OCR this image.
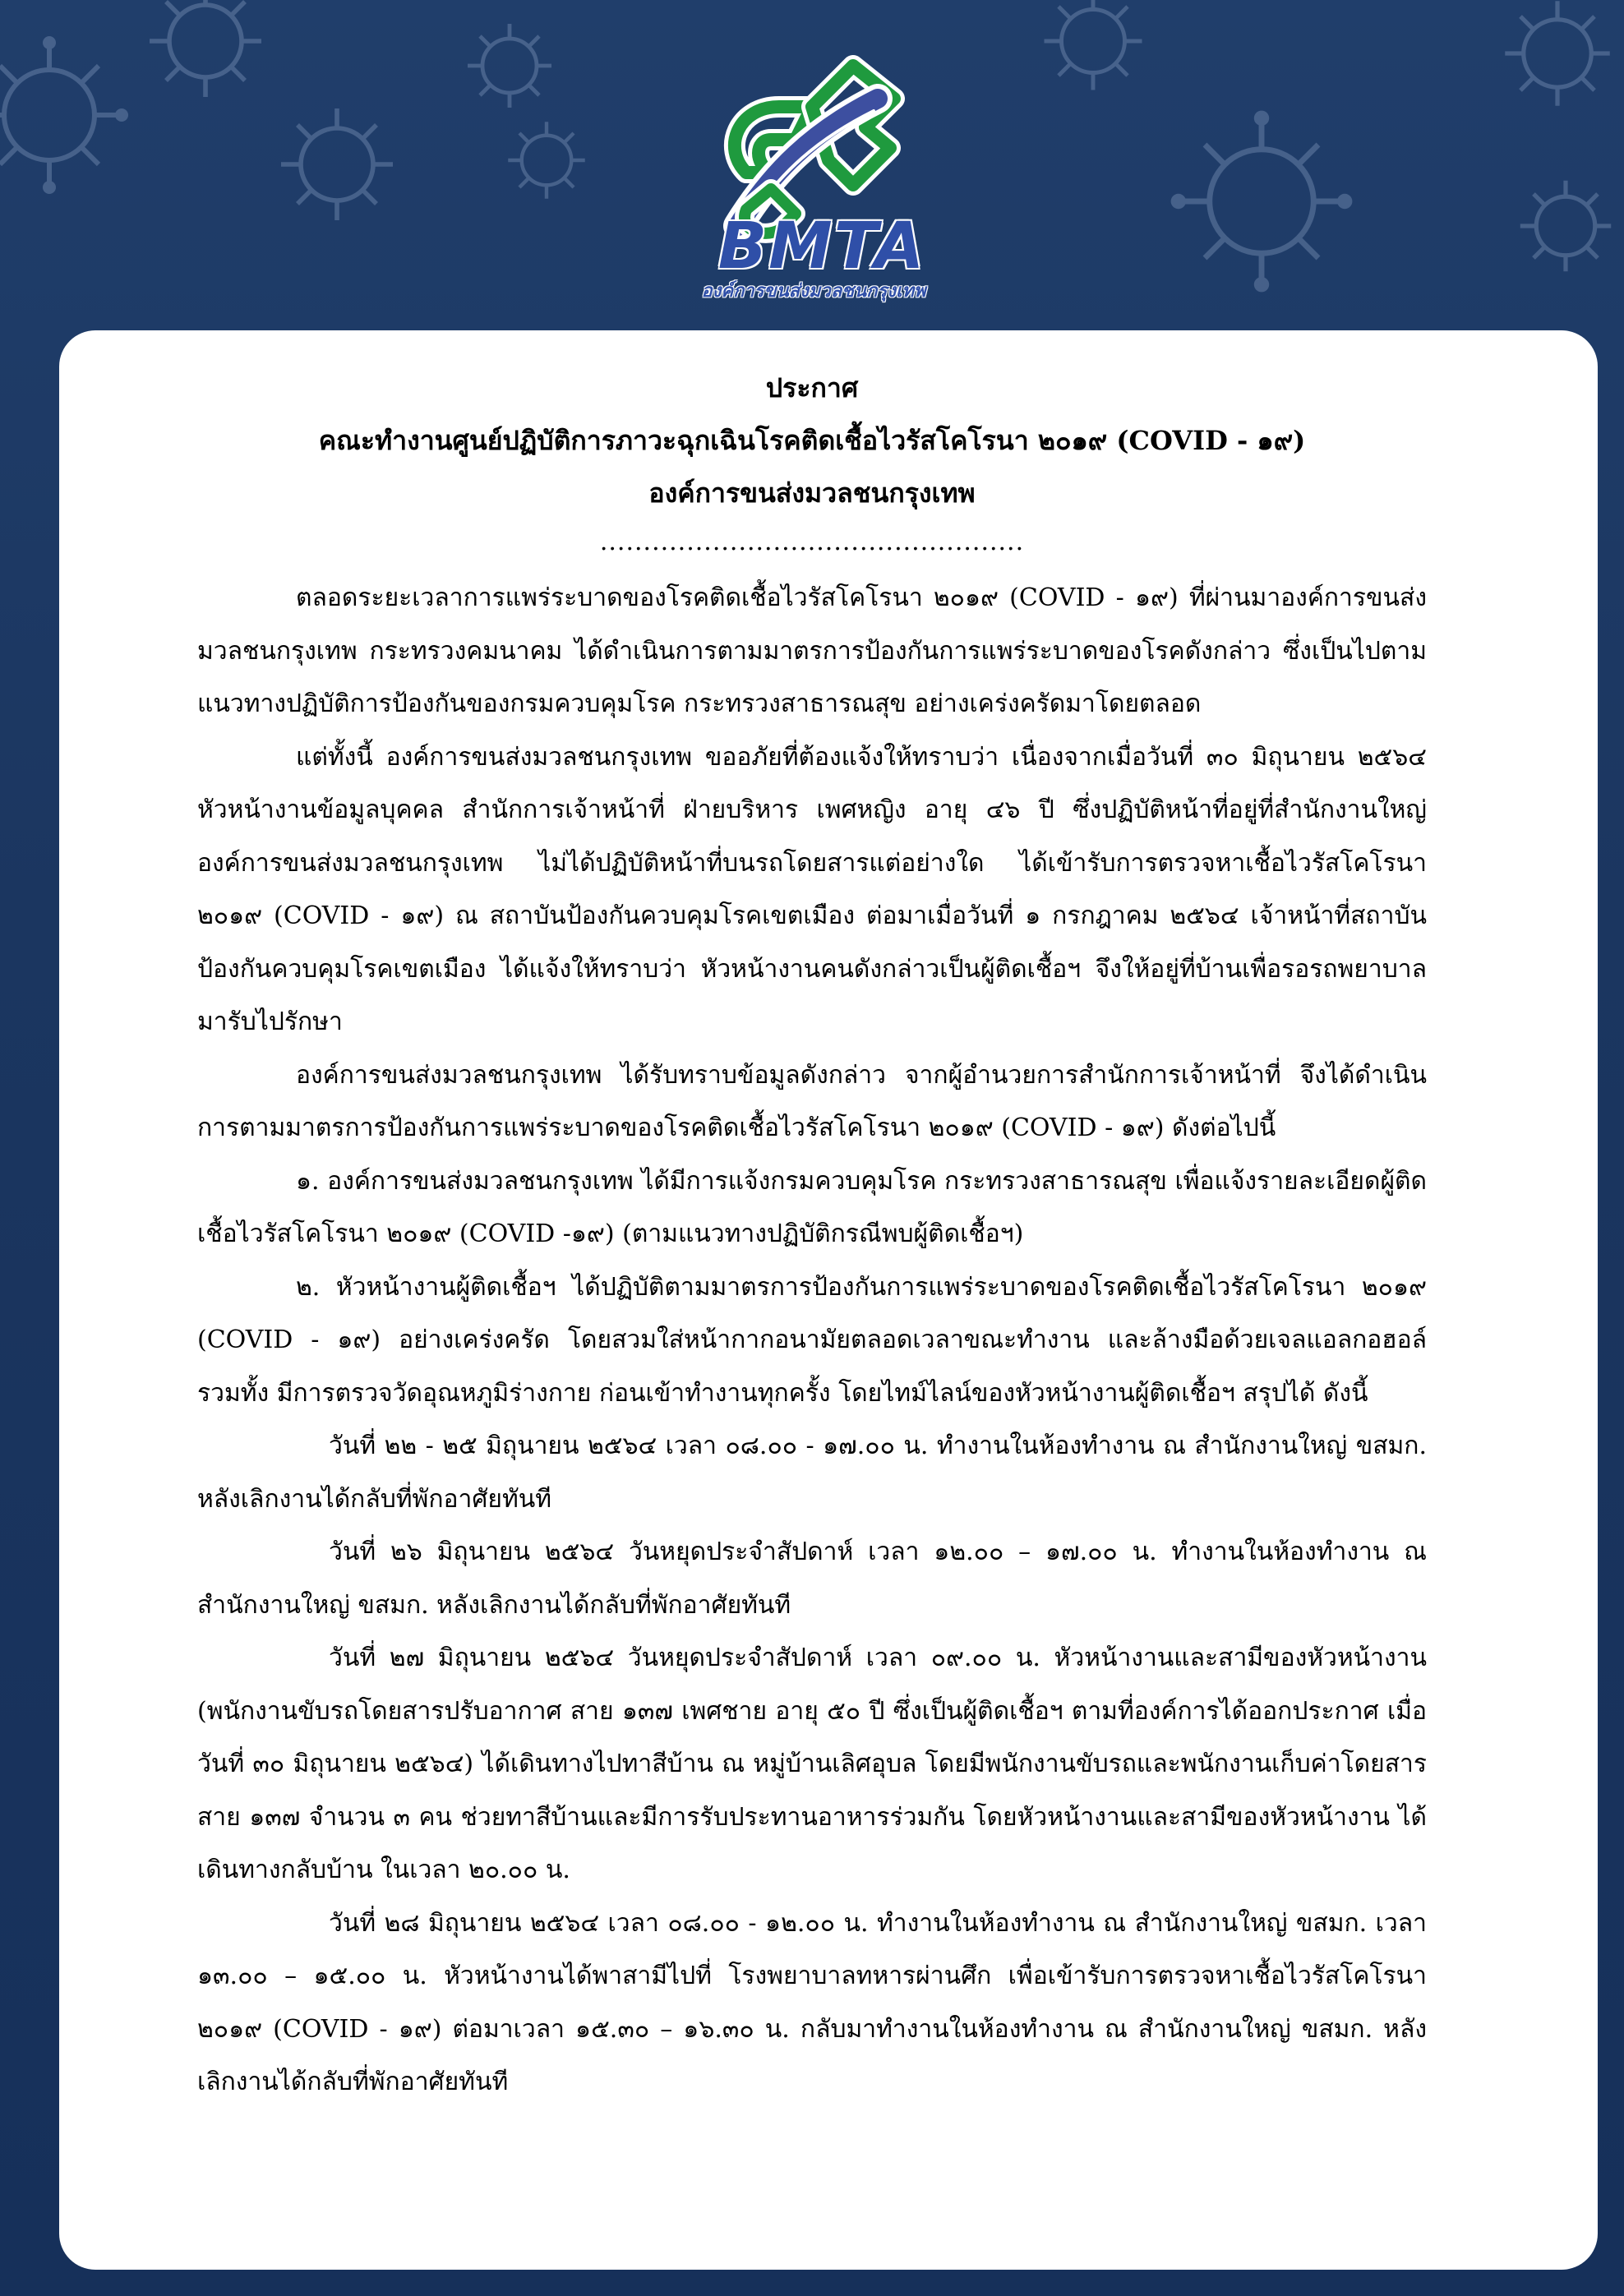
BMTA
องค์การขนส่งมวลชนกรุงเทพ

ประกาศ

คณะทำงานศูนย์ปฏิบัติการภาวะฉุกเฉินโรคติดเชื้อไวรัสโคโรนา ๒๐๑๙ (COVID - ๑๙)

องค์การขนส่งมวลชนกรุงเทพ

.................................................

ตลอดระยะเวลาการแพร่ระบาดของโรคติดเชื้อไวรัสโคโรนา ๒๐๑๙ (COVID - ๑๙) ที่ผ่านมาองค์การขนส่งมวลชนกรุงเทพ กระทรวงคมนาคม ได้ดำเนินการตามมาตรการป้องกันการแพร่ระบาดของโรคดังกล่าว ซึ่งเป็นไปตามแนวทางปฏิบัติการป้องกันของกรมควบคุมโรค กระทรวงสาธารณสุข อย่างเคร่งครัดมาโดยตลอด

แต่ทั้งนี้ องค์การขนส่งมวลชนกรุงเทพ ขออภัยที่ต้องแจ้งให้ทราบว่า เนื่องจากเมื่อวันที่ ๓๐ มิถุนายน ๒๕๖๔ หัวหน้างานข้อมูลบุคคล สำนักการเจ้าหน้าที่ ฝ่ายบริหาร เพศหญิง อายุ ๔๖ ปี ซึ่งปฏิบัติหน้าที่อยู่ที่สำนักงานใหญ่องค์การขนส่งมวลชนกรุงเทพ ไม่ได้ปฏิบัติหน้าที่บนรถโดยสารแต่อย่างใด ได้เข้ารับการตรวจหาเชื้อไวรัสโคโรนา ๒๐๑๙ (COVID - ๑๙) ณ สถาบันป้องกันควบคุมโรคเขตเมือง ต่อมาเมื่อวันที่ ๑ กรกฎาคม ๒๕๖๔ เจ้าหน้าที่สถาบันป้องกันควบคุมโรคเขตเมือง ได้แจ้งให้ทราบว่า หัวหน้างานคนดังกล่าวเป็นผู้ติดเชื้อฯ จึงให้อยู่ที่บ้านเพื่อรอรถพยาบาลมารับไปรักษา

องค์การขนส่งมวลชนกรุงเทพ ได้รับทราบข้อมูลดังกล่าว จากผู้อำนวยการสำนักการเจ้าหน้าที่ จึงได้ดำเนินการตามมาตรการป้องกันการแพร่ระบาดของโรคติดเชื้อไวรัสโคโรนา ๒๐๑๙ (COVID - ๑๙) ดังต่อไปนี้

๑. องค์การขนส่งมวลชนกรุงเทพ ได้มีการแจ้งกรมควบคุมโรค กระทรวงสาธารณสุข เพื่อแจ้งรายละเอียดผู้ติดเชื้อไวรัสโคโรนา ๒๐๑๙ (COVID -๑๙) (ตามแนวทางปฏิบัติกรณีพบผู้ติดเชื้อฯ)

๒. หัวหน้างานผู้ติดเชื้อฯ ได้ปฏิบัติตามมาตรการป้องกันการแพร่ระบาดของโรคติดเชื้อไวรัสโคโรนา ๒๐๑๙ (COVID - ๑๙) อย่างเคร่งครัด โดยสวมใส่หน้ากากอนามัยตลอดเวลาขณะทำงาน และล้างมือด้วยเจลแอลกอฮอล์ รวมทั้ง มีการตรวจวัดอุณหภูมิร่างกาย ก่อนเข้าทำงานทุกครั้ง โดยไทม์ไลน์ของหัวหน้างานผู้ติดเชื้อฯ สรุปได้ ดังนี้

วันที่ ๒๒ - ๒๕ มิถุนายน ๒๕๖๔ เวลา ๐๘.๐๐ - ๑๗.๐๐ น. ทำงานในห้องทำงาน ณ สำนักงานใหญ่ ขสมก. หลังเลิกงานได้กลับที่พักอาศัยทันที

วันที่ ๒๖ มิถุนายน ๒๕๖๔ วันหยุดประจำสัปดาห์ เวลา ๑๒.๐๐ – ๑๗.๐๐ น. ทำงานในห้องทำงาน ณ สำนักงานใหญ่ ขสมก. หลังเลิกงานได้กลับที่พักอาศัยทันที

วันที่ ๒๗ มิถุนายน ๒๕๖๔ วันหยุดประจำสัปดาห์ เวลา ๐๙.๐๐ น. หัวหน้างานและสามีของหัวหน้างาน (พนักงานขับรถโดยสารปรับอากาศ สาย ๑๓๗ เพศชาย อายุ ๕๐ ปี ซึ่งเป็นผู้ติดเชื้อฯ ตามที่องค์การได้ออกประกาศ เมื่อวันที่ ๓๐ มิถุนายน ๒๕๖๔) ได้เดินทางไปทาสีบ้าน ณ หมู่บ้านเลิศอุบล โดยมีพนักงานขับรถและพนักงานเก็บค่าโดยสาร สาย ๑๓๗ จำนวน ๓ คน ช่วยทาสีบ้านและมีการรับประทานอาหารร่วมกัน โดยหัวหน้างานและสามีของหัวหน้างาน ได้เดินทางกลับบ้าน ในเวลา ๒๐.๐๐ น.

วันที่ ๒๘ มิถุนายน ๒๕๖๔ เวลา ๐๘.๐๐ - ๑๒.๐๐ น. ทำงานในห้องทำงาน ณ สำนักงานใหญ่ ขสมก. เวลา ๑๓.๐๐ – ๑๕.๐๐ น. หัวหน้างานได้พาสามีไปที่ โรงพยาบาลทหารผ่านศึก เพื่อเข้ารับการตรวจหาเชื้อไวรัสโคโรนา ๒๐๑๙ (COVID - ๑๙) ต่อมาเวลา ๑๕.๓๐ – ๑๖.๓๐ น. กลับมาทำงานในห้องทำงาน ณ สำนักงานใหญ่ ขสมก. หลังเลิกงานได้กลับที่พักอาศัยทันที
